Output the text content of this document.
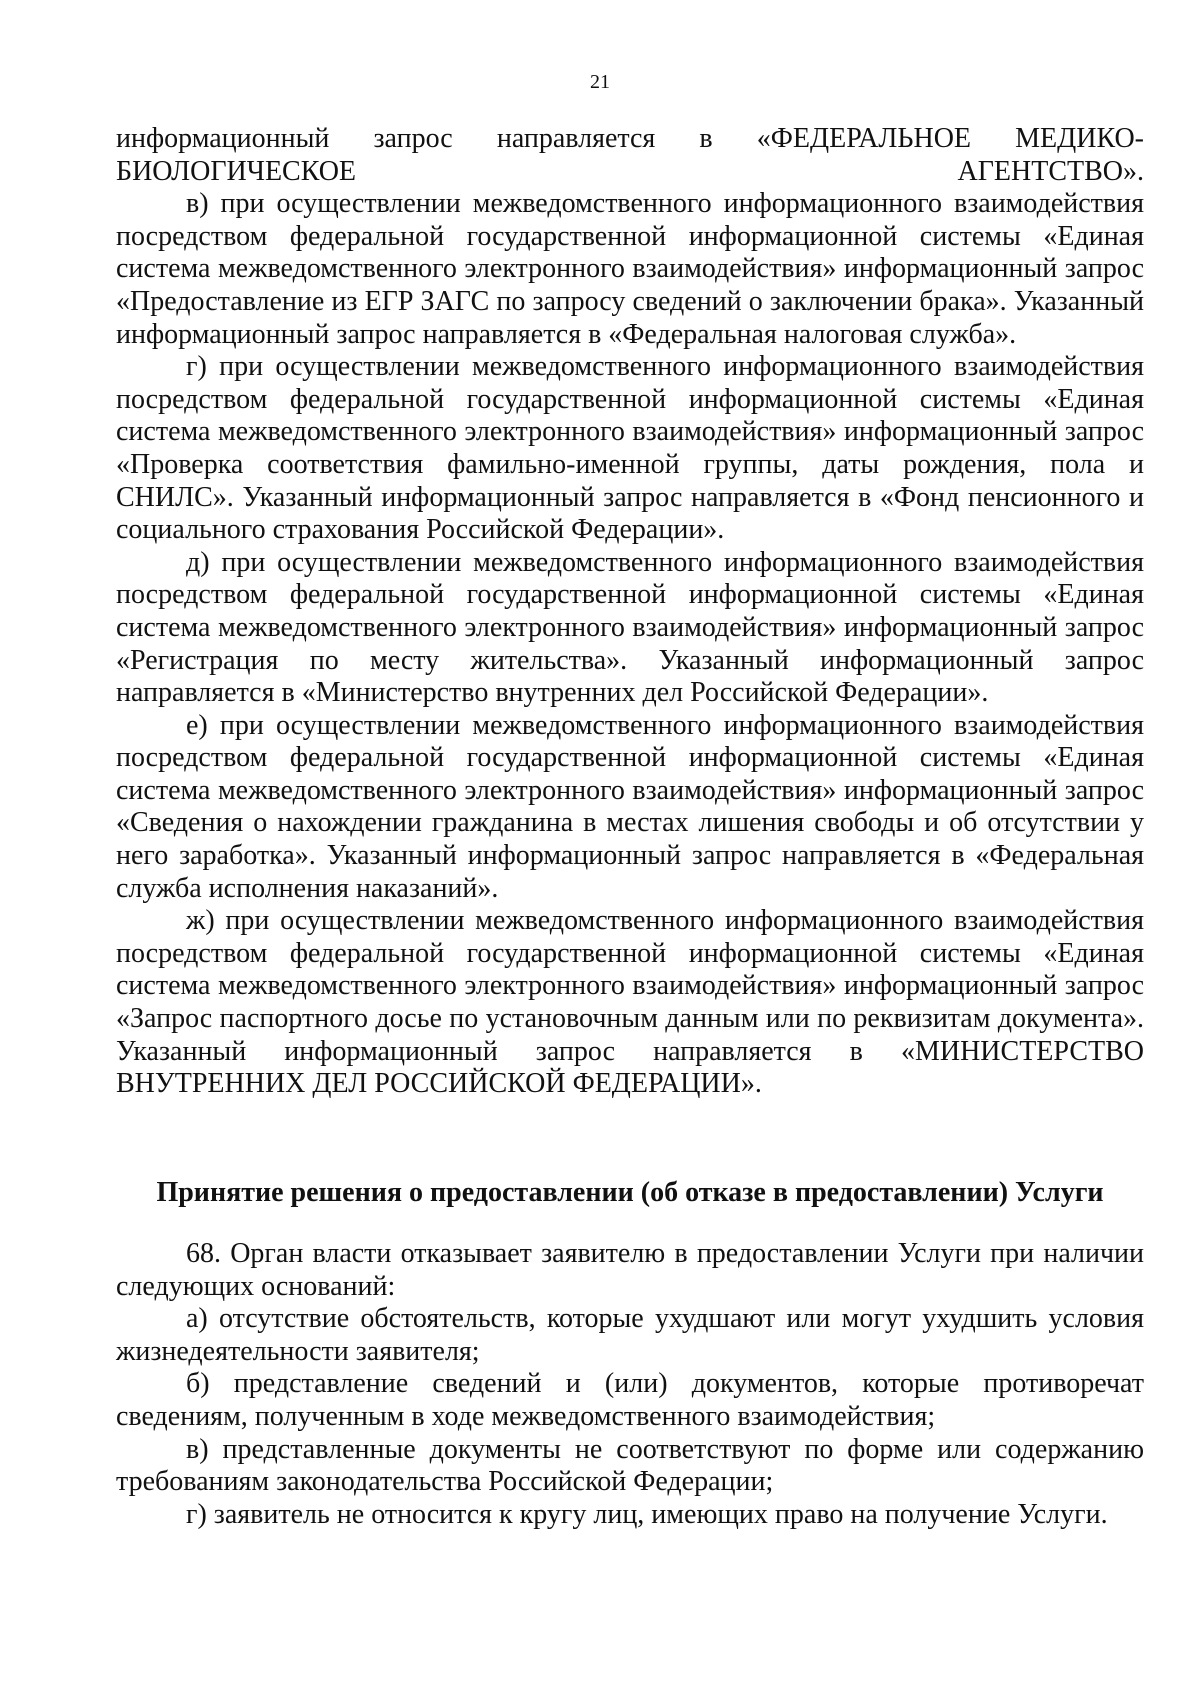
21

информационный запрос направляется в «ФЕДЕРАЛЬНОЕ МЕДИКО-БИОЛОГИЧЕСКОЕ АГЕНТСТВО».

в) при осуществлении межведомственного информационного взаимодействия посредством федеральной государственной информационной системы «Единая система межведомственного электронного взаимодействия» информационный запрос «Предоставление из ЕГР ЗАГС по запросу сведений о заключении брака». Указанный информационный запрос направляется в «Федеральная налоговая служба».

г) при осуществлении межведомственного информационного взаимодействия посредством федеральной государственной информационной системы «Единая система межведомственного электронного взаимодействия» информационный запрос «Проверка соответствия фамильно-именной группы, даты рождения, пола и СНИЛС». Указанный информационный запрос направляется в «Фонд пенсионного и социального страхования Российской Федерации».

д) при осуществлении межведомственного информационного взаимодействия посредством федеральной государственной информационной системы «Единая система межведомственного электронного взаимодействия» информационный запрос «Регистрация по месту жительства». Указанный информационный запрос направляется в «Министерство внутренних дел Российской Федерации».

е) при осуществлении межведомственного информационного взаимодействия посредством федеральной государственной информационной системы «Единая система межведомственного электронного взаимодействия» информационный запрос «Сведения о нахождении гражданина в местах лишения свободы и об отсутствии у него заработка». Указанный информационный запрос направляется в «Федеральная служба исполнения наказаний».

ж) при осуществлении межведомственного информационного взаимодействия посредством федеральной государственной информационной системы «Единая система межведомственного электронного взаимодействия» информационный запрос «Запрос паспортного досье по установочным данным или по реквизитам документа». Указанный информационный запрос направляется в «МИНИСТЕРСТВО ВНУТРЕННИХ ДЕЛ РОССИЙСКОЙ ФЕДЕРАЦИИ».

Принятие решения о предоставлении (об отказе в предоставлении) Услуги

68. Орган власти отказывает заявителю в предоставлении Услуги при наличии следующих оснований:

а) отсутствие обстоятельств, которые ухудшают или могут ухудшить условия жизнедеятельности заявителя;

б) представление сведений и (или) документов, которые противоречат сведениям, полученным в ходе межведомственного взаимодействия;

в) представленные документы не соответствуют по форме или содержанию требованиям законодательства Российской Федерации;

г) заявитель не относится к кругу лиц, имеющих право на получение Услуги.
